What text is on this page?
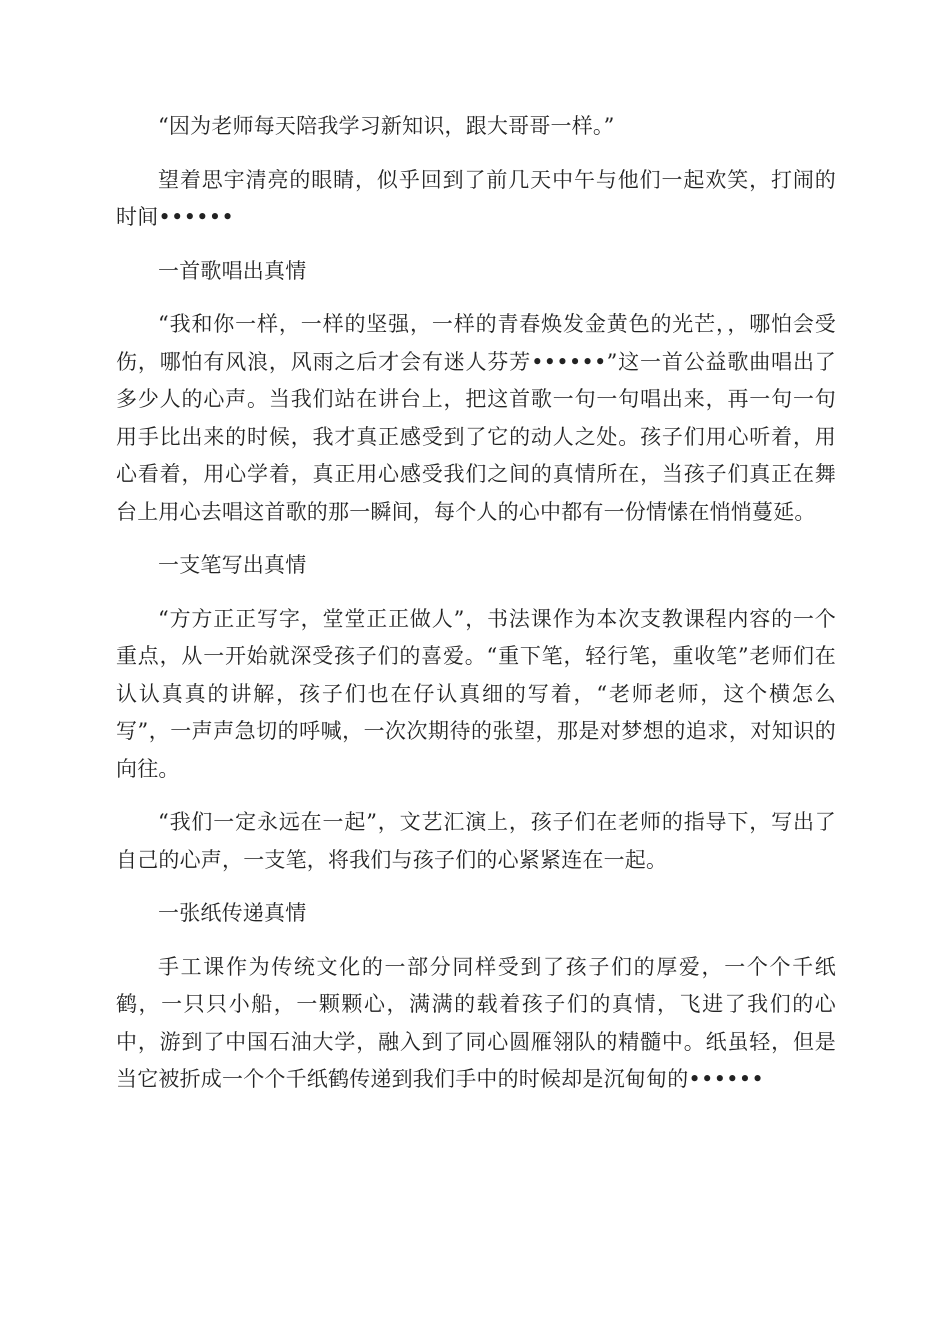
“因为老师每天陪我学习新知识，跟大哥哥一样。”

望着思宇清亮的眼睛，似乎回到了前几天中午与他们一起欢笑，打闹的时间••••••

一首歌唱出真情

“我和你一样，一样的坚强，一样的青春焕发金黄色的光芒，，哪怕会受伤，哪怕有风浪，风雨之后才会有迷人芬芳••••••”这一首公益歌曲唱出了多少人的心声。当我们站在讲台上，把这首歌一句一句唱出来，再一句一句用手比出来的时候，我才真正感受到了它的动人之处。孩子们用心听着，用心看着，用心学着，真正用心感受我们之间的真情所在，当孩子们真正在舞台上用心去唱这首歌的那一瞬间，每个人的心中都有一份情愫在悄悄蔓延。

一支笔写出真情

“方方正正写字，堂堂正正做人”，书法课作为本次支教课程内容的一个重点，从一开始就深受孩子们的喜爱。“重下笔，轻行笔，重收笔”老师们在认认真真的讲解，孩子们也在仔认真细的写着，“老师老师，这个横怎么写”，一声声急切的呼喊，一次次期待的张望，那是对梦想的追求，对知识的向往。

“我们一定永远在一起”，文艺汇演上，孩子们在老师的指导下，写出了自己的心声，一支笔，将我们与孩子们的心紧紧连在一起。

一张纸传递真情

手工课作为传统文化的一部分同样受到了孩子们的厚爱，一个个千纸鹤，一只只小船，一颗颗心，满满的载着孩子们的真情，飞进了我们的心中，游到了中国石油大学，融入到了同心圆雁翎队的精髓中。纸虽轻，但是当它被折成一个个千纸鹤传递到我们手中的时候却是沉甸甸的••••••
